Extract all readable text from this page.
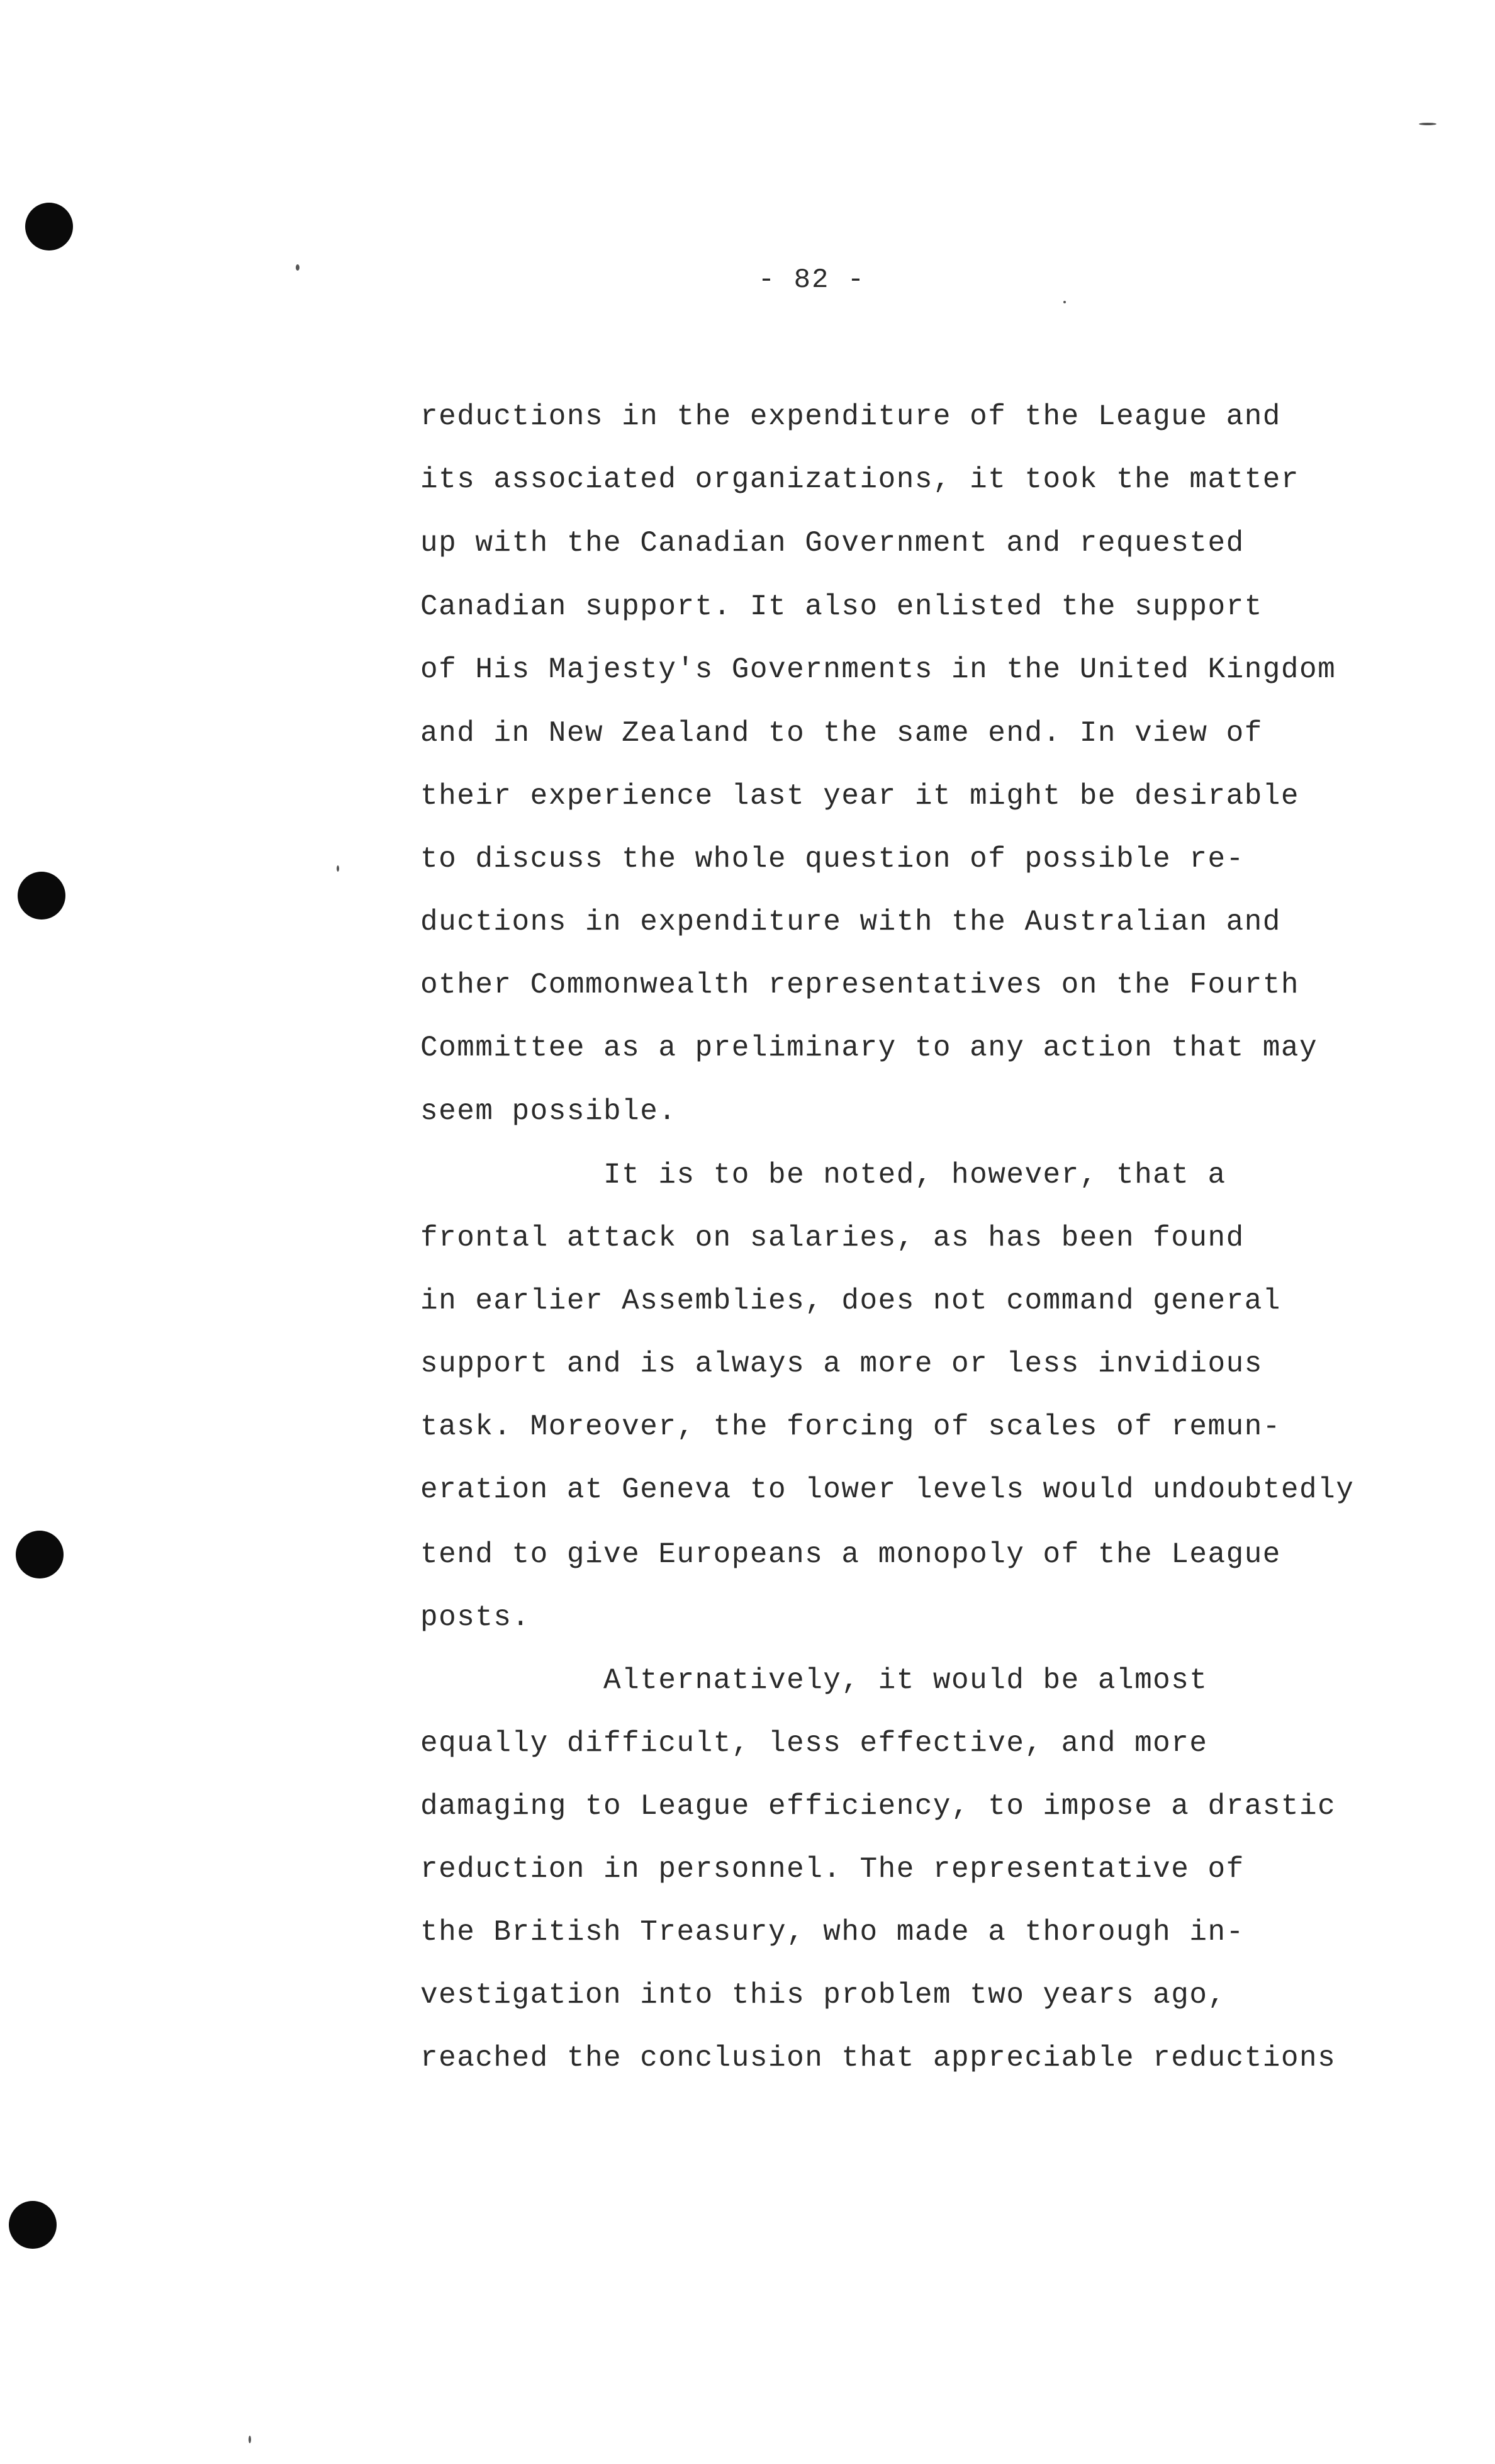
- 82 -
reductions in the expenditure of the League and
its associated organizations, it took the matter
up with the Canadian Government and requested
Canadian support. It also enlisted the support
of His Majesty's Governments in the United Kingdom
and in New Zealand to the same end. In view of
their experience last year it might be desirable
to discuss the whole question of possible re-
ductions in expenditure with the Australian and
other Commonwealth representatives on the Fourth
Committee as a preliminary to any action that may
seem possible.
It is to be noted, however, that a
frontal attack on salaries, as has been found
in earlier Assemblies, does not command general
support and is always a more or less invidious
task. Moreover, the forcing of scales of remun-
eration at Geneva to lower levels would undoubtedly
tend to give Europeans a monopoly of the League
posts.
Alternatively, it would be almost
equally difficult, less effective, and more
damaging to League efficiency, to impose a drastic
reduction in personnel. The representative of
the British Treasury, who made a thorough in-
vestigation into this problem two years ago,
reached the conclusion that appreciable reductions
